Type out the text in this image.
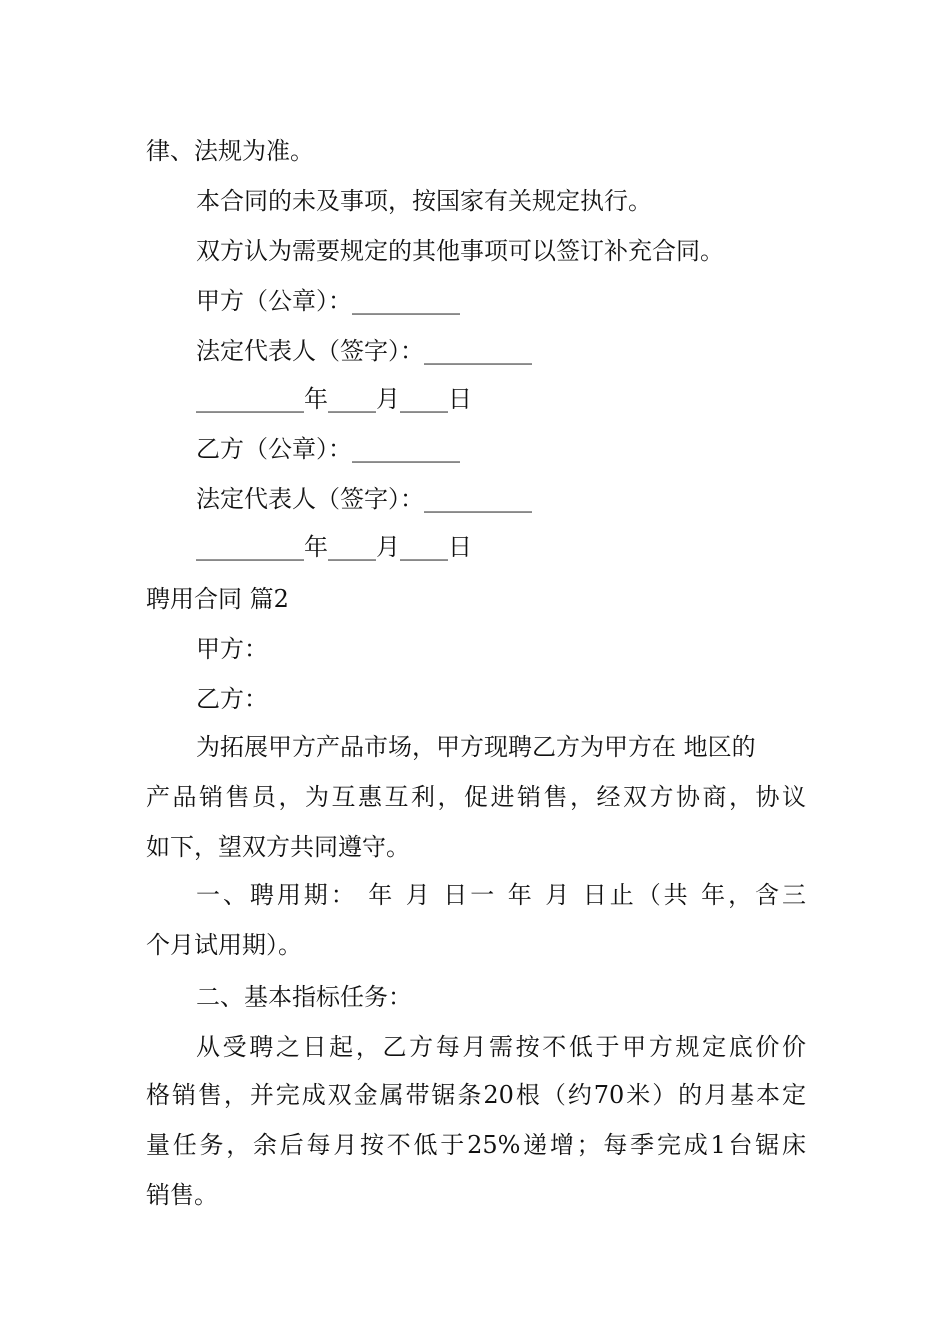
律、法规为准。
本合同的未及事项，按国家有关规定执行。
双方认为需要规定的其他事项可以签订补充合同。
甲方（公章）：_________
法定代表人（签字）：_________
_________年____月____日
乙方（公章）：_________
法定代表人（签字）：_________
_________年____月____日
聘用合同 篇2
甲方：
乙方：
为拓展甲方产品市场，甲方现聘乙方为甲方在 地区的
产品销售员，为互惠互利，促进销售，经双方协商，协议
如下，望双方共同遵守。
一、聘用期： 年 月 日一 年 月 日止（共 年，含三
个月试用期）。
二、基本指标任务：
从受聘之日起，乙方每月需按不低于甲方规定底价价
格销售，并完成双金属带锯条20根（约70米）的月基本定
量任务，余后每月按不低于25%递增；每季完成1台锯床
销售。
